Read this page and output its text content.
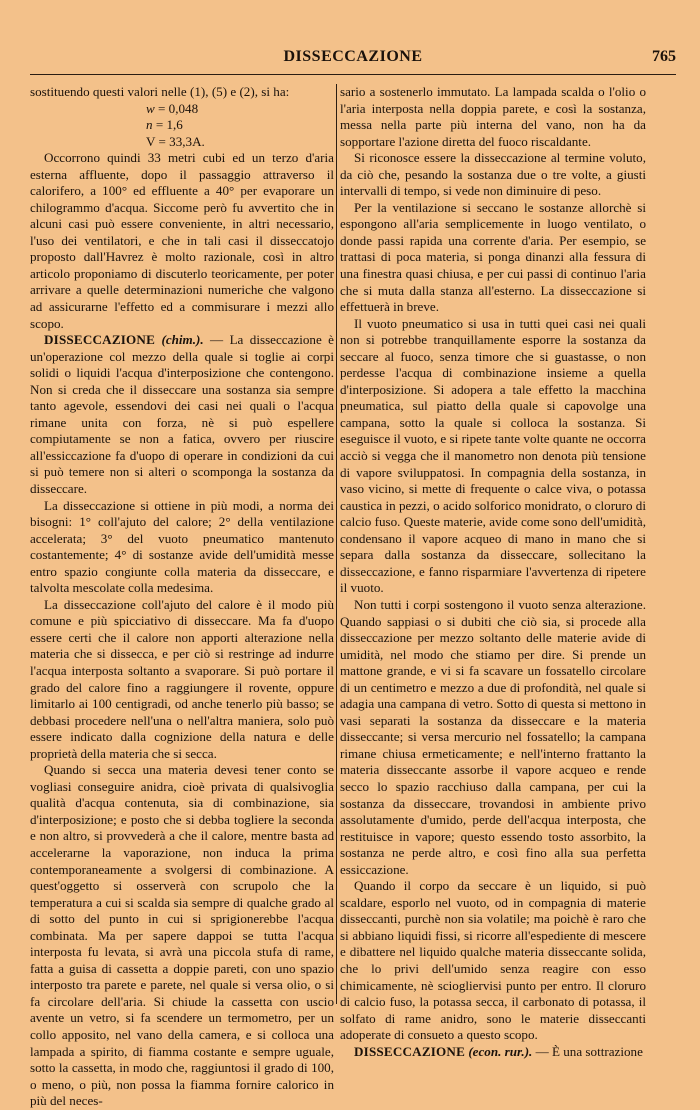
DISSECCAZIONE	765

sostituendo questi valori nelle (1), (5) e (2), si ha:

w = 0,048
n = 1,6
V = 33,3A.

Occorrono quindi 33 metri cubi ed un terzo d'aria esterna affluente, dopo il passaggio attraverso il calorifero, a 100° ed effluente a 40° per evaporare un chilogrammo d'acqua. Siccome però fu avvertito che in alcuni casi può essere conveniente, in altri necessario, l'uso dei ventilatori, e che in tali casi il disseccatojo proposto dall'Havrez è molto razionale, così in altro articolo proponiamo di discuterlo teoricamente, per poter arrivare a quelle determinazioni numeriche che valgono ad assicurarne l'effetto ed a commisurare i mezzi allo scopo.

DISSECCAZIONE (chim.). — La disseccazione è un'operazione col mezzo della quale si toglie ai corpi solidi o liquidi l'acqua d'interposizione che contengono. Non si creda che il disseccare una sostanza sia sempre tanto agevole, essendovi dei casi nei quali o l'acqua rimane unita con forza, nè si può espellere compiutamente se non a fatica, ovvero per riuscire all'essiccazione fa d'uopo di operare in condizioni da cui si può temere non si alteri o scomponga la sostanza da disseccare.

La disseccazione si ottiene in più modi, a norma dei bisogni: 1° coll'ajuto del calore; 2° della ventilazione accelerata; 3° del vuoto pneumatico mantenuto costantemente; 4° di sostanze avide dell'umidità messe entro spazio congiunte colla materia da disseccare, e talvolta mescolate colla medesima.

La disseccazione coll'ajuto del calore è il modo più comune e più spicciativo di disseccare. Ma fa d'uopo essere certi che il calore non apporti alterazione nella materia che si dissecca, e per ciò si restringe ad indurre l'acqua interposta soltanto a svaporare. Si può portare il grado del calore fino a raggiungere il rovente, oppure limitarlo ai 100 centigradi, od anche tenerlo più basso; se debbasi procedere nell'una o nell'altra maniera, solo può essere indicato dalla cognizione della natura e delle proprietà della materia che si secca.

Quando si secca una materia devesi tener conto se vogliasi conseguire anidra, cioè privata di qualsivoglia qualità d'acqua contenuta, sia di combinazione, sia d'interposizione; e posto che si debba togliere la seconda e non altro, si provvederà a che il calore, mentre basta ad accelerarne la vaporazione, non induca la prima contemporaneamente a svolgersi di combinazione. A quest'oggetto si osserverà con scrupolo che la temperatura a cui si scalda sia sempre di qualche grado al di sotto del punto in cui si sprigionerebbe l'acqua combinata. Ma per sapere dappoi se tutta l'acqua interposta fu levata, si avrà una piccola stufa di rame, fatta a guisa di cassetta a doppie pareti, con uno spazio interposto tra parete e parete, nel quale si versa olio, o si fa circolare dell'aria. Si chiude la cassetta con uscio avente un vetro, si fa scendere un termometro, per un collo apposito, nel vano della camera, e si colloca una lampada a spirito, di fiamma costante e sempre uguale, sotto la cassetta, in modo che, raggiuntosi il grado di 100, o meno, o più, non possa la fiamma fornire calorico in più del neces-

sario a sostenerlo immutato. La lampada scalda o l'olio o l'aria interposta nella doppia parete, e così la sostanza, messa nella parte più interna del vano, non ha da sopportare l'azione diretta del fuoco riscaldante.

Si riconosce essere la disseccazione al termine voluto, da ciò che, pesando la sostanza due o tre volte, a giusti intervalli di tempo, si vede non diminuire di peso.

Per la ventilazione si seccano le sostanze allorchè si espongono all'aria semplicemente in luogo ventilato, o donde passi rapida una corrente d'aria. Per esempio, se trattasi di poca materia, si ponga dinanzi alla fessura di una finestra quasi chiusa, e per cui passi di continuo l'aria che si muta dalla stanza all'esterno. La disseccazione si effettuerà in breve.

Il vuoto pneumatico si usa in tutti quei casi nei quali non si potrebbe tranquillamente esporre la sostanza da seccare al fuoco, senza timore che si guastasse, o non perdesse l'acqua di combinazione insieme a quella d'interposizione. Si adopera a tale effetto la macchina pneumatica, sul piatto della quale si capovolge una campana, sotto la quale si colloca la sostanza. Si eseguisce il vuoto, e si ripete tante volte quante ne occorra acciò si vegga che il manometro non denota più tensione di vapore sviluppatosi. In compagnia della sostanza, in vaso vicino, si mette di frequente o calce viva, o potassa caustica in pezzi, o acido solforico monidrato, o cloruro di calcio fuso. Queste materie, avide come sono dell'umidità, condensano il vapore acqueo di mano in mano che si separa dalla sostanza da disseccare, sollecitano la disseccazione, e fanno risparmiare l'avvertenza di ripetere il vuoto.

Non tutti i corpi sostengono il vuoto senza alterazione. Quando sappiasi o si dubiti che ciò sia, si procede alla disseccazione per mezzo soltanto delle materie avide di umidità, nel modo che stiamo per dire. Si prende un mattone grande, e vi si fa scavare un fossatello circolare di un centimetro e mezzo a due di profondità, nel quale si adagia una campana di vetro. Sotto di questa si mettono in vasi separati la sostanza da disseccare e la materia disseccante; si versa mercurio nel fossatello; la campana rimane chiusa ermeticamente; e nell'interno frattanto la materia disseccante assorbe il vapore acqueo e rende secco lo spazio racchiuso dalla campana, per cui la sostanza da disseccare, trovandosi in ambiente privo assolutamente d'umido, perde dell'acqua interposta, che restituisce in vapore; questo essendo tosto assorbito, la sostanza ne perde altro, e così fino alla sua perfetta essiccazione.

Quando il corpo da seccare è un liquido, si può scaldare, esporlo nel vuoto, od in compagnia di materie disseccanti, purchè non sia volatile; ma poichè è raro che si abbiano liquidi fissi, si ricorre all'espediente di mescere e dibattere nel liquido qualche materia disseccante solida, che lo privi dell'umido senza reagire con esso chimicamente, nè sciogliervisi punto per entro. Il cloruro di calcio fuso, la potassa secca, il carbonato di potassa, il solfato di rame anidro, sono le materie disseccanti adoperate di consueto a questo scopo.

DISSECCAZIONE (econ. rur.). — È una sottrazione
